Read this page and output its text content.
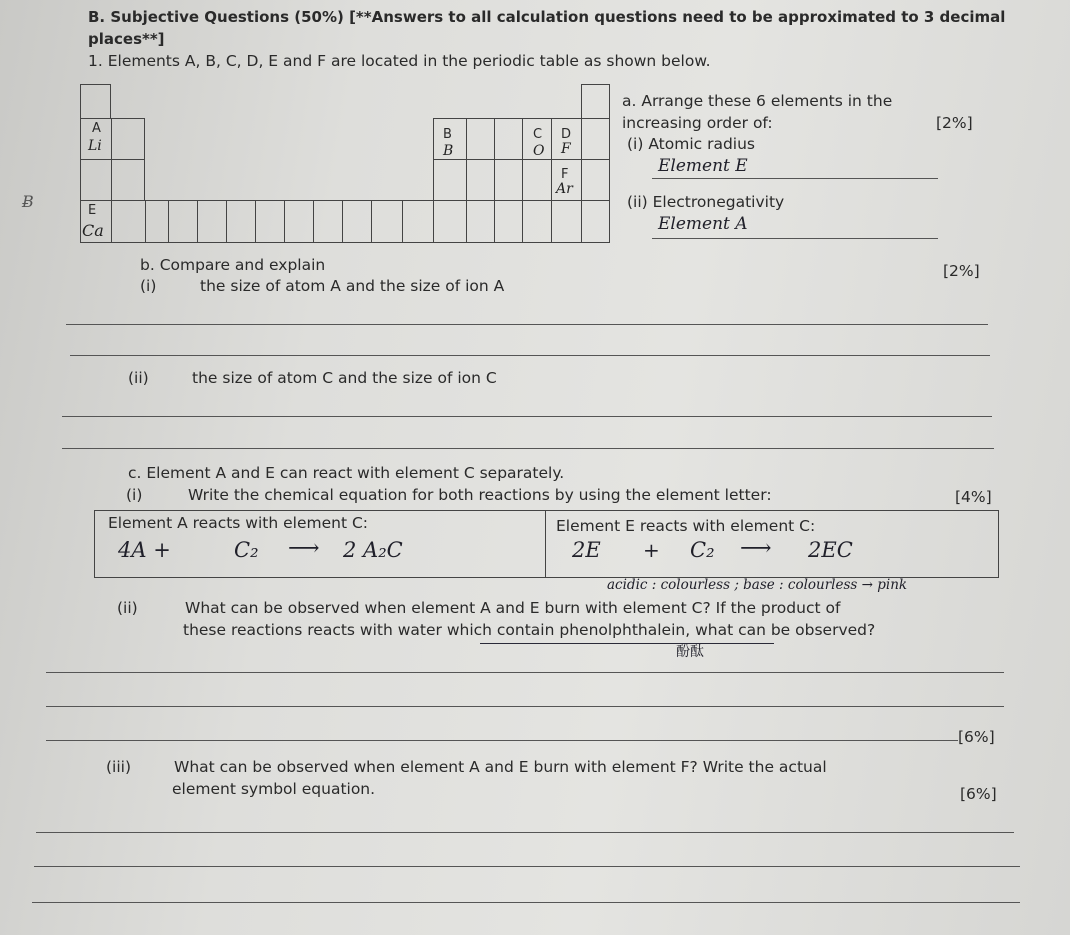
B. Subjective Questions (50%) [**Answers to all calculation questions need to be approximated to 3 decimal
places**]
1. Elements A, B, C, D, E and F are located in the periodic table as shown below.
Ƀ
A
Li
B
B
C
O
D
F
F
Ar
E
Ca
a. Arrange these 6 elements in the
increasing order of:	[2%]
(i) Atomic radius
Element E
(ii) Electronegativity
Element A
b. Compare and explain	[2%]
(i)	the size of atom A and the size of ion A
(ii)	the size of atom C and the size of ion C
c. Element A and E can react with element C separately.
(i)	Write the chemical equation for both reactions by using the element letter:	[4%]
Element A reacts with element C:	Element E reacts with element C:
4A +	C₂ ⟶ 2 A₂C	2E + C₂ ⟶ 2EC
acidic : colourless ; base : colourless → pink
(ii)	What can be observed when element A and E burn with element C? If the product of
these reactions reacts with water which contain phenolphthalein, what can be observed?
酚酞
[6%]
(iii)	What can be observed when element A and E burn with element F? Write the actual
element symbol equation.	[6%]
